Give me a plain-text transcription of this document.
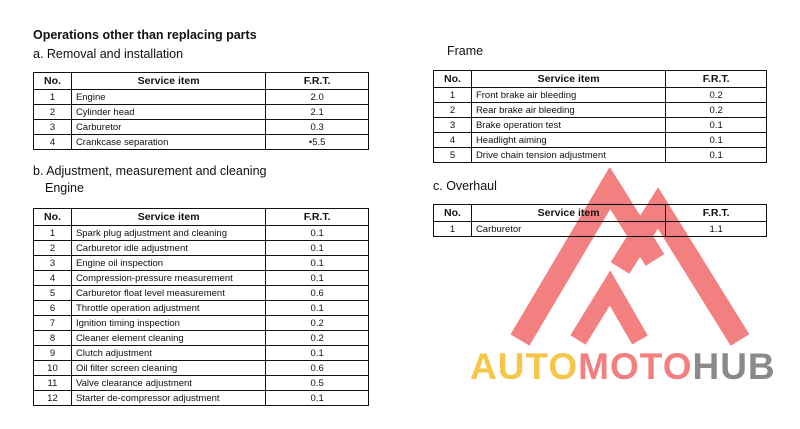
Operations other than replacing parts
a. Removal and installation
No.	Service item	F.R.T.
1	Engine	2.0
2	Cylinder head	2.1
3	Carburetor	0.3
4	Crankcase separation	•5.5
b. Adjustment, measurement and cleaning
Engine
No.	Service item	F.R.T.
1	Spark plug adjustment and cleaning	0.1
2	Carburetor idle adjustment	0.1
3	Engine oil inspection	0.1
4	Compression-pressure measurement	0.1
5	Carburetor float level measurement	0.6
6	Throttle operation adjustment	0.1
7	Ignition timing inspection	0.2
8	Cleaner element cleaning	0.2
9	Clutch adjustment	0.1
10	Oil filter screen cleaning	0.6
11	Valve clearance adjustment	0.5
12	Starter de-compressor adjustment	0.1
Frame
No.	Service item	F.R.T.
1	Front brake air bleeding	0.2
2	Rear brake air bleeding	0.2
3	Brake operation test	0.1
4	Headlight aiming	0.1
5	Drive chain tension adjustment	0.1
c. Overhaul
No.	Service item	F.R.T.
1	Carburetor	1.1
AUTOMOTOHUB
